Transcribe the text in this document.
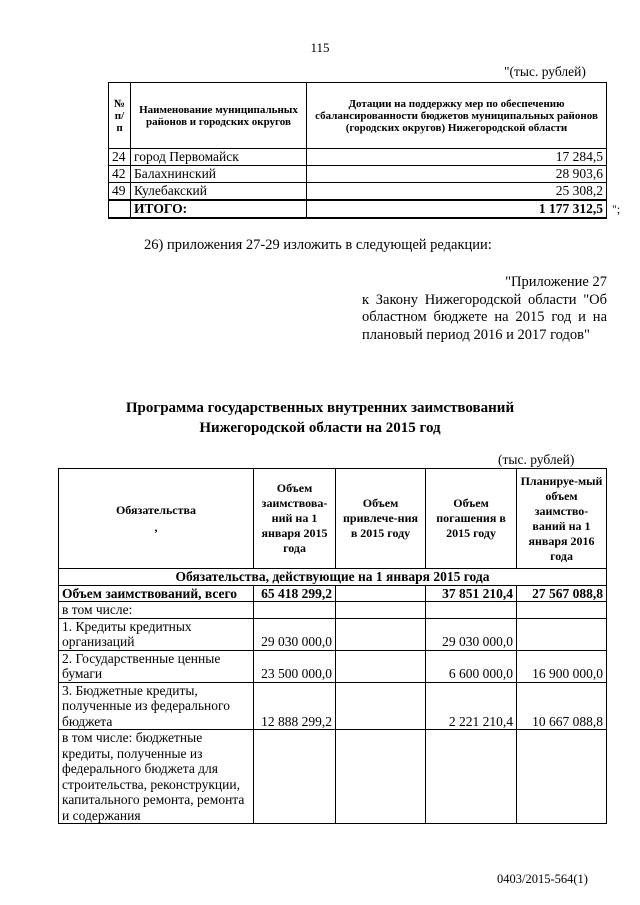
115
"(тыс. рублей)
№ п/п	Наименование муниципальных районов и городских округов	Дотации на поддержку мер по обеспечению сбалансированности бюджетов муниципальных районов (городских округов) Нижегородской области
24	город Первомайск	17 284,5
42	Балахнинский	28 903,6
49	Кулебакский	25 308,2
	ИТОГО:	1 177 312,5 ";
26) приложения 27-29 изложить в следующей редакции:
"Приложение 27
к Закону Нижегородской области "Об областном бюджете на 2015 год и на плановый период 2016 и 2017 годов"
Программа государственных внутренних заимствований
Нижегородской области на 2015 год
(тыс. рублей)
Обязательства
,	Объем заимствова-ний на 1 января 2015 года	Объем привлече-ния в 2015 году	Объем погашения в 2015 году	Планируе-мый объем заимство-ваний на 1 января 2016 года
Обязательства, действующие на 1 января 2015 года				
Объем заимствований, всего	65 418 299,2		37 851 210,4	27 567 088,8
в том числе:				
1. Кредиты кредитных организаций	29 030 000,0		29 030 000,0	
2. Государственные ценные бумаги	23 500 000,0		6 600 000,0	16 900 000,0
3. Бюджетные кредиты, полученные из федерального бюджета	12 888 299,2		2 221 210,4	10 667 088,8
в том числе: бюджетные кредиты, полученные из федерального бюджета для строительства, реконструкции, капитального ремонта, ремонта и содержания				
0403/2015-564(1)
